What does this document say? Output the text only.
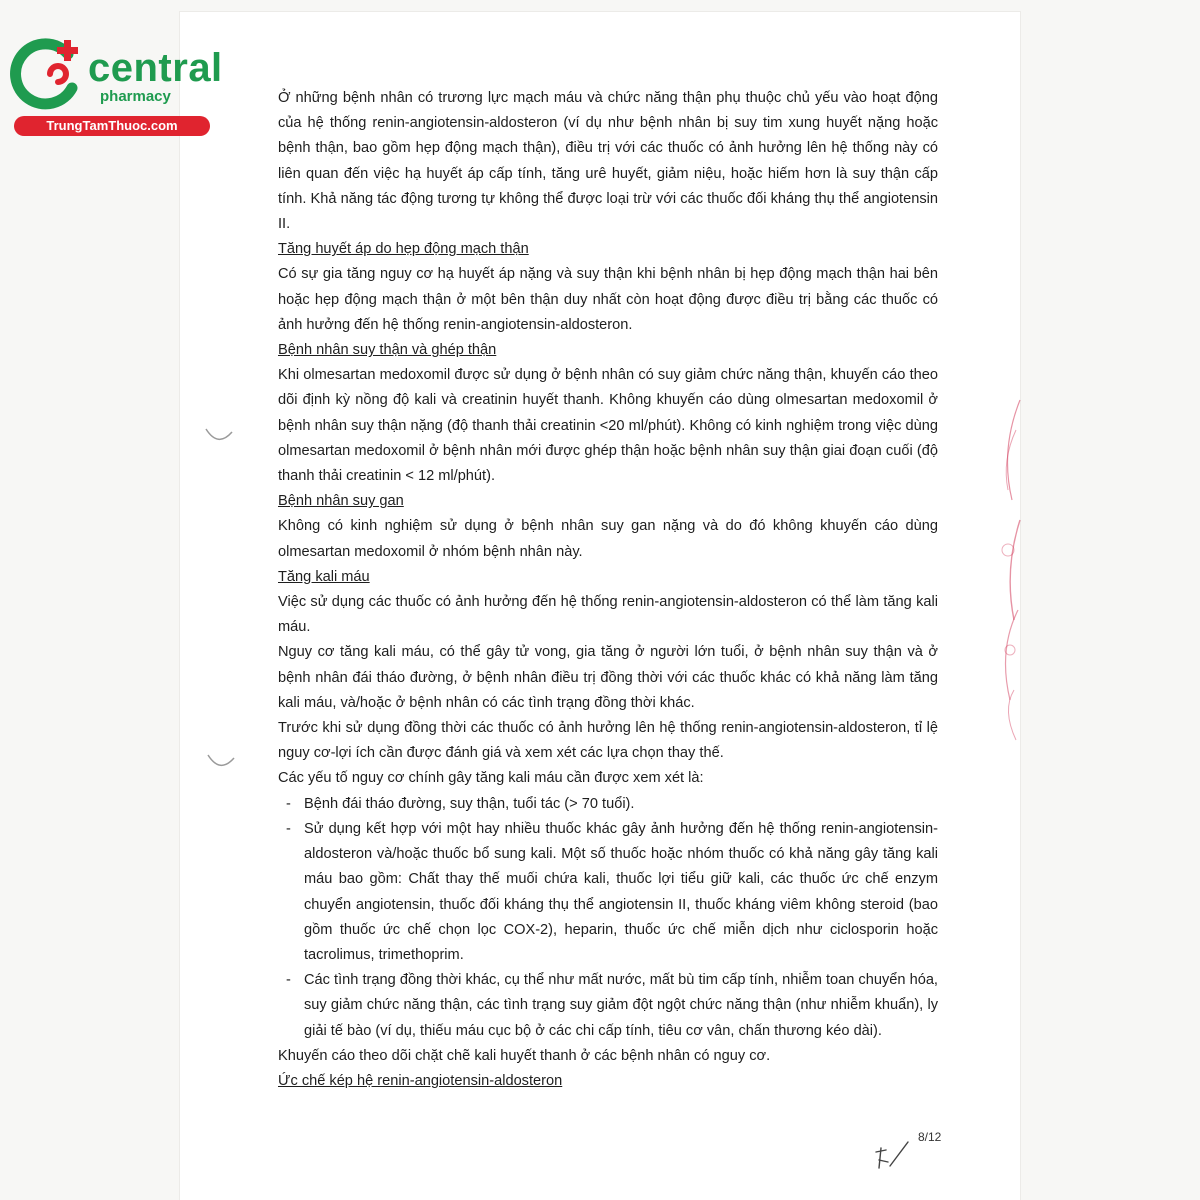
central
pharmacy
TrungTamThuoc.com

Ở những bệnh nhân có trương lực mạch máu và chức năng thận phụ thuộc chủ yếu vào hoạt động của hệ thống renin-angiotensin-aldosteron (ví dụ như bệnh nhân bị suy tim xung huyết nặng hoặc bệnh thận, bao gồm hẹp động mạch thận), điều trị với các thuốc có ảnh hưởng lên hệ thống này có liên quan đến việc hạ huyết áp cấp tính, tăng urê huyết, giảm niệu, hoặc hiếm hơn là suy thận cấp tính. Khả năng tác động tương tự không thể được loại trừ với các thuốc đối kháng thụ thể angiotensin II.

Tăng huyết áp do hẹp động mạch thận

Có sự gia tăng nguy cơ hạ huyết áp nặng và suy thận khi bệnh nhân bị hẹp động mạch thận hai bên hoặc hẹp động mạch thận ở một bên thận duy nhất còn hoạt động được điều trị bằng các thuốc có ảnh hưởng đến hệ thống renin-angiotensin-aldosteron.

Bệnh nhân suy thận và ghép thận

Khi olmesartan medoxomil được sử dụng ở bệnh nhân có suy giảm chức năng thận, khuyến cáo theo dõi định kỳ nồng độ kali và creatinin huyết thanh. Không khuyến cáo dùng olmesartan medoxomil ở bệnh nhân suy thận nặng (độ thanh thải creatinin <20 ml/phút). Không có kinh nghiệm trong việc dùng olmesartan medoxomil ở bệnh nhân mới được ghép thận hoặc bệnh nhân suy thận giai đoạn cuối (độ thanh thải creatinin < 12 ml/phút).

Bệnh nhân suy gan

Không có kinh nghiệm sử dụng ở bệnh nhân suy gan nặng và do đó không khuyến cáo dùng olmesartan medoxomil ở nhóm bệnh nhân này.

Tăng kali máu

Việc sử dụng các thuốc có ảnh hưởng đến hệ thống renin-angiotensin-aldosteron có thể làm tăng kali máu.

Nguy cơ tăng kali máu, có thể gây tử vong, gia tăng ở người lớn tuổi, ở bệnh nhân suy thận và ở bệnh nhân đái tháo đường, ở bệnh nhân điều trị đồng thời với các thuốc khác có khả năng làm tăng kali máu, và/hoặc ở bệnh nhân có các tình trạng đồng thời khác.

Trước khi sử dụng đồng thời các thuốc có ảnh hưởng lên hệ thống renin-angiotensin-aldosteron, tỉ lệ nguy cơ-lợi ích cần được đánh giá và xem xét các lựa chọn thay thế.

Các yếu tố nguy cơ chính gây tăng kali máu cần được xem xét là:

- Bệnh đái tháo đường, suy thận, tuổi tác (> 70 tuổi).
- Sử dụng kết hợp với một hay nhiều thuốc khác gây ảnh hưởng đến hệ thống renin-angiotensin-aldosteron và/hoặc thuốc bổ sung kali. Một số thuốc hoặc nhóm thuốc có khả năng gây tăng kali máu bao gồm: Chất thay thế muối chứa kali, thuốc lợi tiểu giữ kali, các thuốc ức chế enzym chuyển angiotensin, thuốc đối kháng thụ thể angiotensin II, thuốc kháng viêm không steroid (bao gồm thuốc ức chế chọn lọc COX-2), heparin, thuốc ức chế miễn dịch như ciclosporin hoặc tacrolimus, trimethoprim.
- Các tình trạng đồng thời khác, cụ thể như mất nước, mất bù tim cấp tính, nhiễm toan chuyển hóa, suy giảm chức năng thận, các tình trạng suy giảm đột ngột chức năng thận (như nhiễm khuẩn), ly giải tế bào (ví dụ, thiếu máu cục bộ ở các chi cấp tính, tiêu cơ vân, chấn thương kéo dài).

Khuyến cáo theo dõi chặt chẽ kali huyết thanh ở các bệnh nhân có nguy cơ.

Ức chế kép hệ renin-angiotensin-aldosteron
8/12
